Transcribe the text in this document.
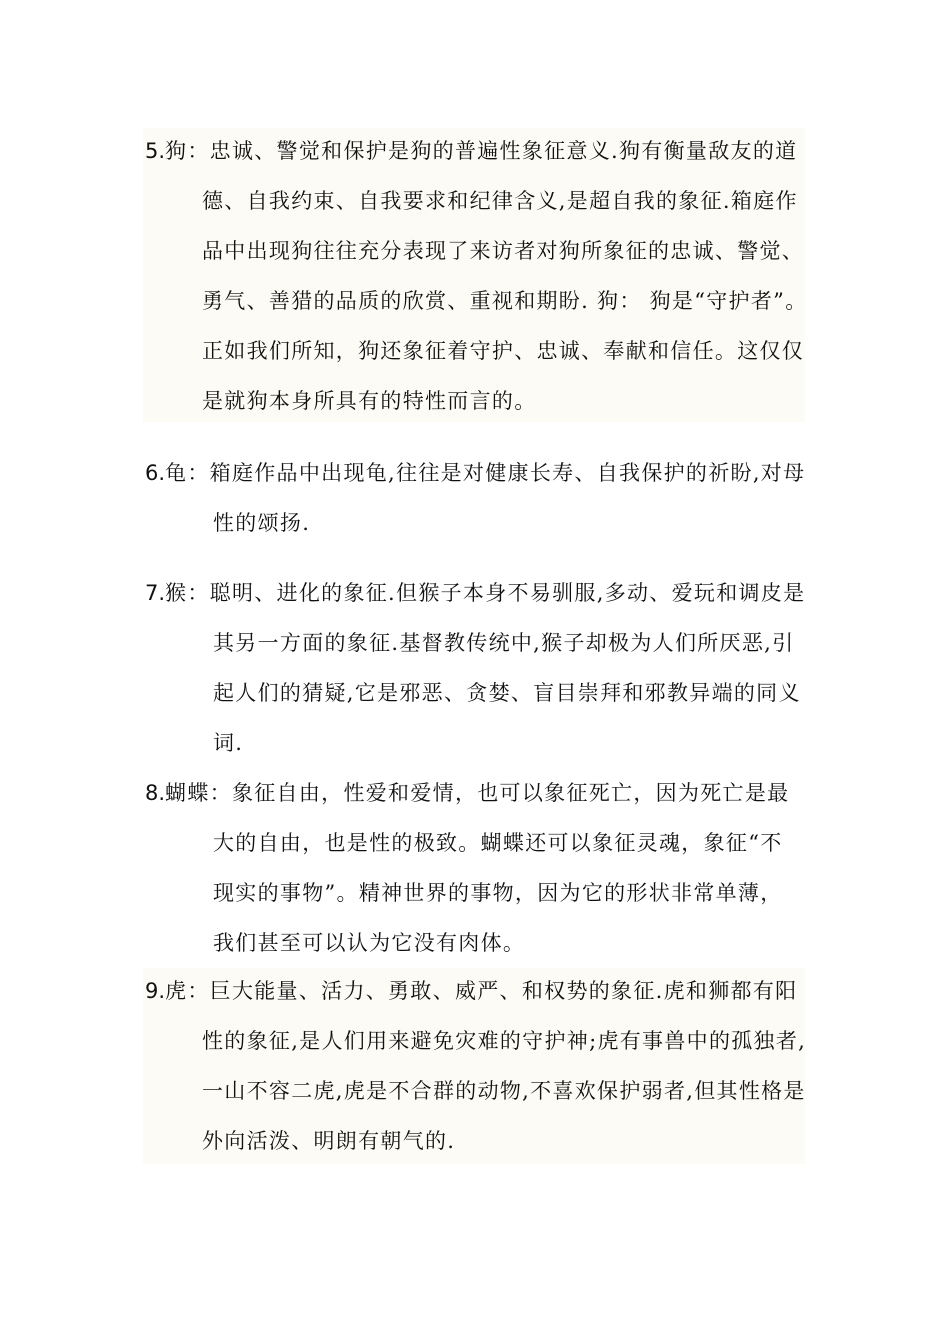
5.狗：忠诚、警觉和保护是狗的普遍性象征意义.狗有衡量敌友的道
德、自我约束、自我要求和纪律含义,是超自我的象征.箱庭作
品中出现狗往往充分表现了来访者对狗所象征的忠诚、警觉、
勇气、善猎的品质的欣赏、重视和期盼. 狗： 狗是“守护者”。
正如我们所知，狗还象征着守护、忠诚、奉献和信任。这仅仅
是就狗本身所具有的特性而言的。
6.龟：箱庭作品中出现龟,往往是对健康长寿、自我保护的祈盼,对母
性的颂扬.
7.猴：聪明、进化的象征.但猴子本身不易驯服,多动、爱玩和调皮是
其另一方面的象征.基督教传统中,猴子却极为人们所厌恶,引
起人们的猜疑,它是邪恶、贪婪、盲目崇拜和邪教异端的同义
词.
8.蝴蝶：象征自由，性爱和爱情，也可以象征死亡，因为死亡是最
大的自由，也是性的极致。蝴蝶还可以象征灵魂，象征“不
现实的事物”。精神世界的事物，因为它的形状非常单薄，
我们甚至可以认为它没有肉体。
9.虎：巨大能量、活力、勇敢、威严、和权势的象征.虎和狮都有阳
性的象征,是人们用来避免灾难的守护神;虎有事兽中的孤独者,
一山不容二虎,虎是不合群的动物,不喜欢保护弱者,但其性格是
外向活泼、明朗有朝气的.
